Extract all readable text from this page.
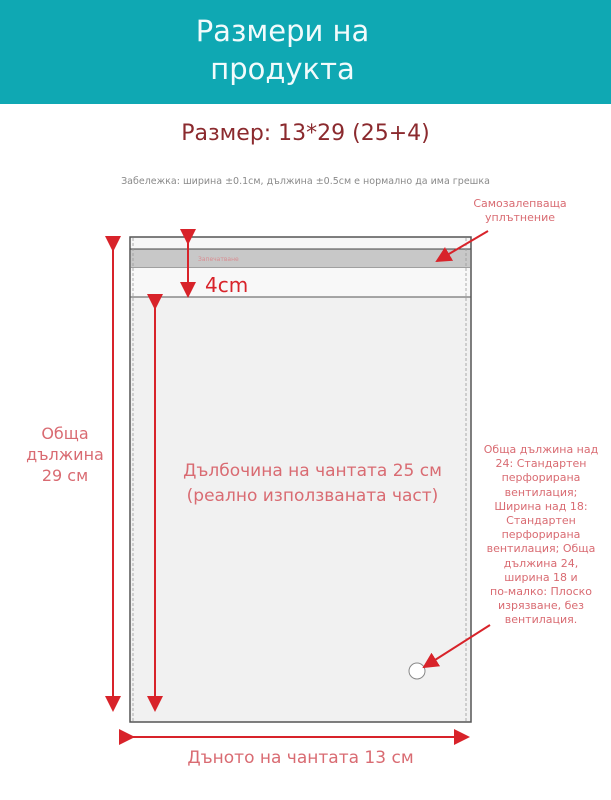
Размери на
продукта
Размер: 13*29 (25+4)
Забележка: ширина ±0.1см, дължина ±0.5см е нормално да има грешка
Запечатване
4cm
Самозалепваща
уплътнение
Обща
дължина
29 см	Дълбочина на чантата 25 см
(реално използваната част)
Обща дължина над
24: Стандартен
перфорирана
вентилация;
Ширина над 18:
Стандартен
перфорирана
вентилация; Обща
дължина 24,
ширина 18 и
по-малко: Плоско
изрязване, без
вентилация.
Дъното на чантата 13 см
